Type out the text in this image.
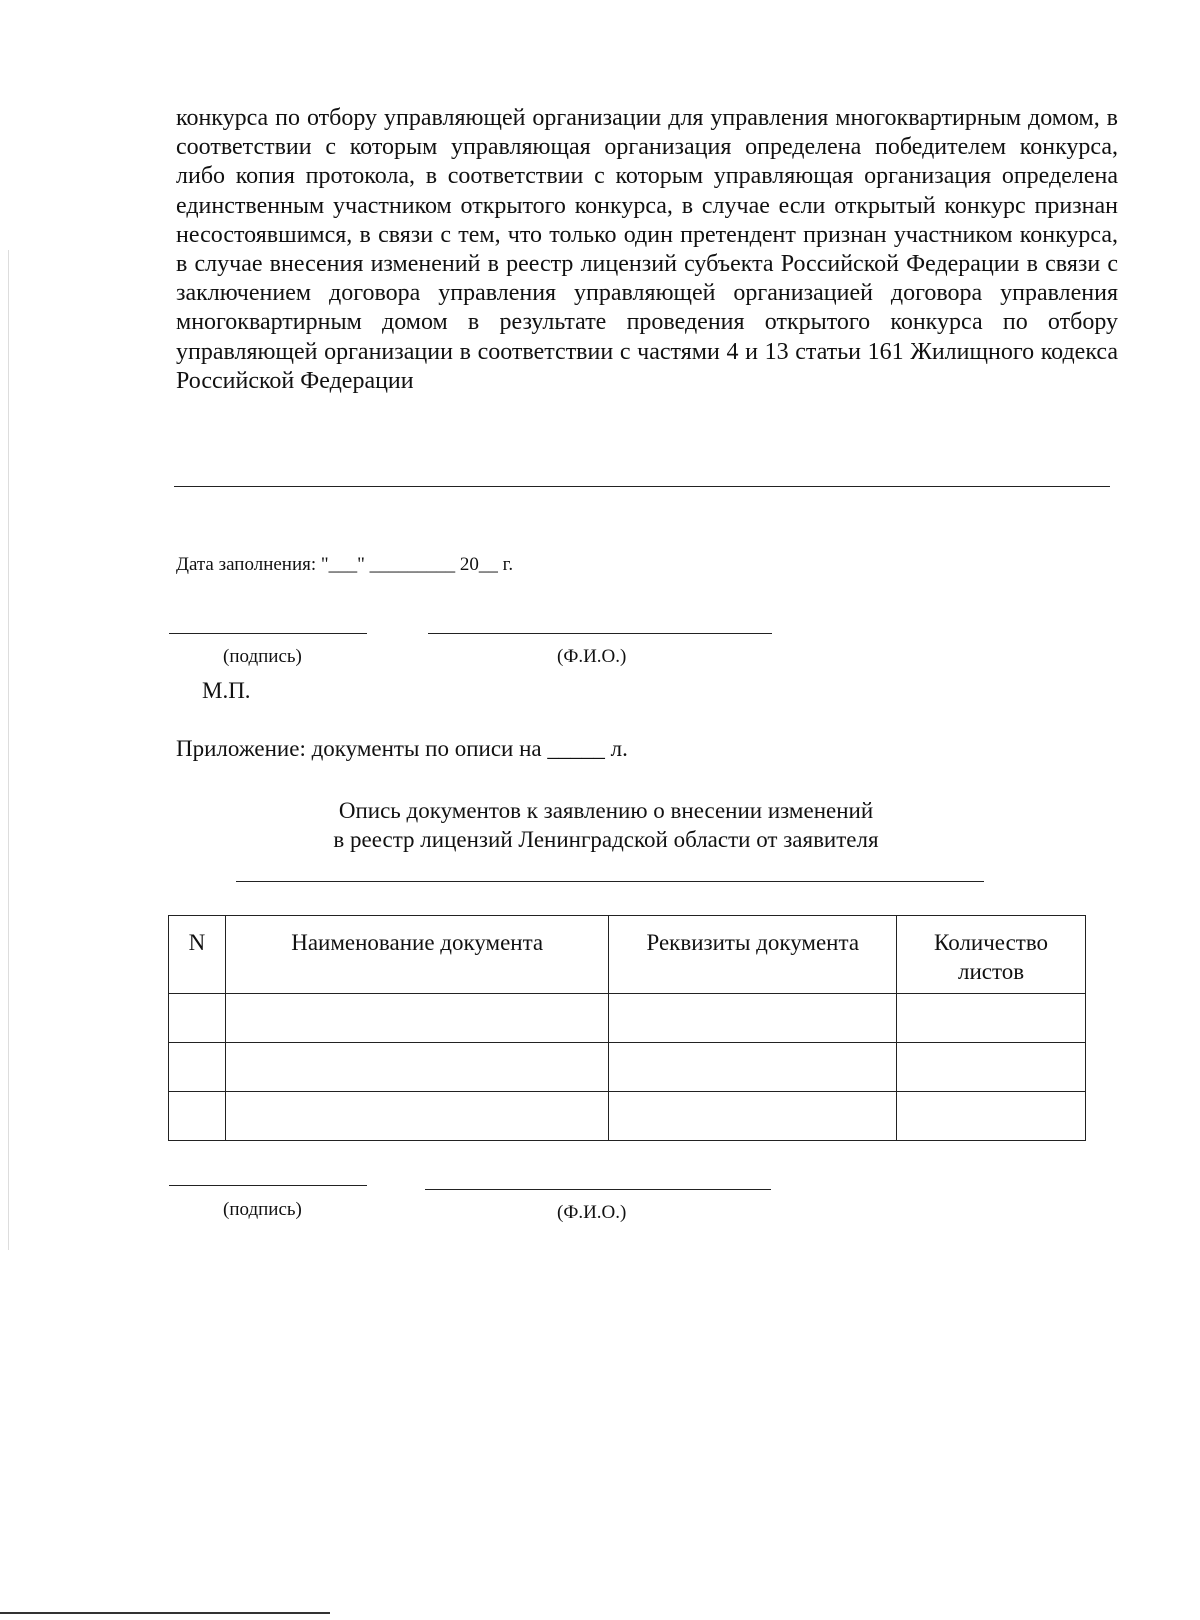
конкурса по отбору управляющей организации для управления многоквартирным домом, в соответствии с которым управляющая организация определена победителем конкурса, либо копия протокола, в соответствии с которым управляющая организация определена единственным участником открытого конкурса, в случае если открытый конкурс признан несостоявшимся, в связи с тем, что только один претендент признан участником конкурса, в случае внесения изменений в реестр лицензий субъекта Российской Федерации в связи с заключением договора управления управляющей организацией договора управления многоквартирным домом в результате проведения открытого конкурса по отбору управляющей организации в соответствии с частями 4 и 13 статьи 161 Жилищного кодекса Российской Федерации
Дата заполнения: "___" _________ 20__ г.
(подпись)	(Ф.И.О.)
М.П.
Приложение: документы по описи на _____ л.
Опись документов к заявлению о внесении изменений
в реестр лицензий Ленинградской области от заявителя
N	Наименование документа	Реквизиты документа	Количество листов

(подпись)	(Ф.И.О.)
